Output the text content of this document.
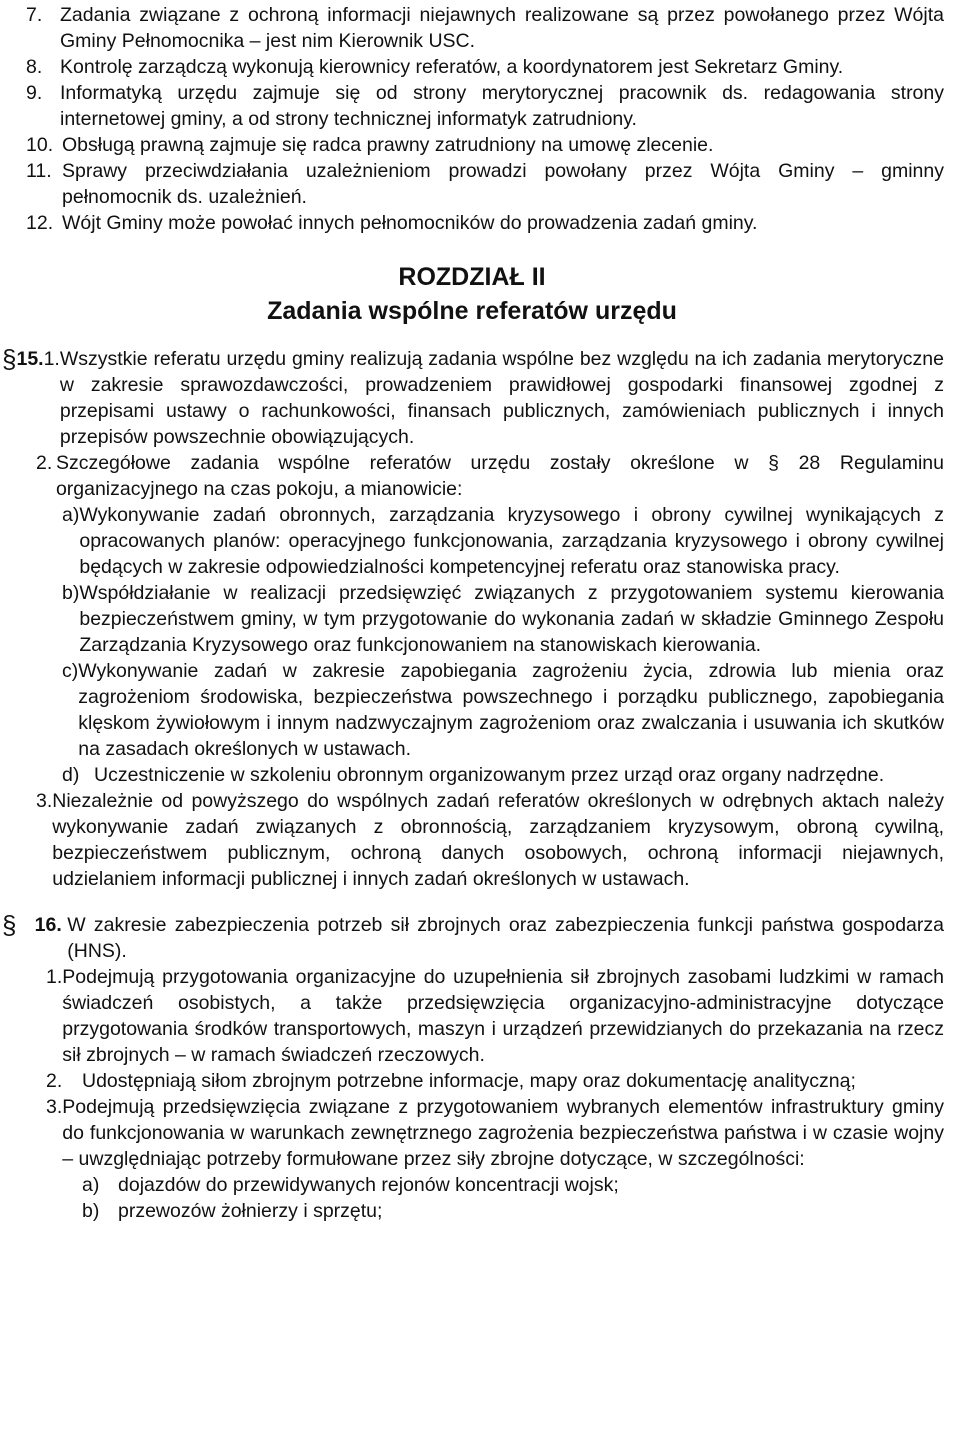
7. Zadania związane z ochroną informacji niejawnych realizowane są przez powołanego przez Wójta Gminy Pełnomocnika – jest nim Kierownik USC.
8. Kontrolę zarządczą wykonują kierownicy referatów, a koordynatorem jest Sekretarz Gminy.
9. Informatyką urzędu zajmuje się od strony merytorycznej pracownik ds. redagowania strony internetowej gminy, a od strony technicznej informatyk zatrudniony.
10. Obsługą prawną zajmuje się radca prawny zatrudniony na umowę zlecenie.
11. Sprawy przeciwdziałania uzależnieniom prowadzi powołany przez Wójta Gminy – gminny pełnomocnik ds. uzależnień.
12. Wójt Gminy może powołać innych pełnomocników do prowadzenia zadań gminy.
ROZDZIAŁ II
Zadania wspólne referatów urzędu
§ 15. 1. Wszystkie referatu urzędu gminy realizują zadania wspólne bez względu na ich zadania merytoryczne w zakresie sprawozdawczości, prowadzeniem prawidłowej gospodarki finansowej zgodnej z przepisami ustawy o rachunkowości, finansach publicznych, zamówieniach publicznych i innych przepisów powszechnie obowiązujących.
2. Szczegółowe zadania wspólne referatów urzędu zostały określone w § 28 Regulaminu organizacyjnego na czas pokoju, a mianowicie:
a) Wykonywanie zadań obronnych, zarządzania kryzysowego i obrony cywilnej wynikających z opracowanych planów: operacyjnego funkcjonowania, zarządzania kryzysowego i obrony cywilnej będących w zakresie odpowiedzialności kompetencyjnej referatu oraz stanowiska pracy.
b) Współdziałanie w realizacji przedsięwzięć związanych z przygotowaniem systemu kierowania bezpieczeństwem gminy, w tym przygotowanie do wykonania zadań w składzie Gminnego Zespołu Zarządzania Kryzysowego oraz funkcjonowaniem na stanowiskach kierowania.
c) Wykonywanie zadań w zakresie zapobiegania zagrożeniu życia, zdrowia lub mienia oraz zagrożeniom środowiska, bezpieczeństwa powszechnego i porządku publicznego, zapobiegania klęskom żywiołowym i innym nadzwyczajnym zagrożeniom oraz zwalczania i usuwania ich skutków na zasadach określonych w ustawach.
d) Uczestniczenie w szkoleniu obronnym organizowanym przez urząd oraz organy nadrzędne.
3. Niezależnie od powyższego do wspólnych zadań referatów określonych w odrębnych aktach należy wykonywanie zadań związanych z obronnością, zarządzaniem kryzysowym, obroną cywilną, bezpieczeństwem publicznym, ochroną danych osobowych, ochroną informacji niejawnych, udzielaniem informacji publicznej i innych zadań określonych w ustawach.
§ 16. W zakresie zabezpieczenia potrzeb sił zbrojnych oraz zabezpieczenia funkcji państwa gospodarza (HNS).
1. Podejmują przygotowania organizacyjne do uzupełnienia sił zbrojnych zasobami ludzkimi w ramach świadczeń osobistych, a także przedsięwzięcia organizacyjno-administracyjne dotyczące przygotowania środków transportowych, maszyn i urządzeń przewidzianych do przekazania na rzecz sił zbrojnych – w ramach świadczeń rzeczowych.
2.	Udostępniają siłom zbrojnym potrzebne informacje, mapy oraz dokumentację analityczną;
3. Podejmują przedsięwzięcia związane z przygotowaniem wybranych elementów infrastruktury gminy do funkcjonowania w warunkach zewnętrznego zagrożenia bezpieczeństwa państwa i w czasie wojny – uwzględniając potrzeby formułowane przez siły zbrojne dotyczące, w szczególności:
a) dojazdów do przewidywanych rejonów koncentracji wojsk;
b) przewozów żołnierzy i sprzętu;
